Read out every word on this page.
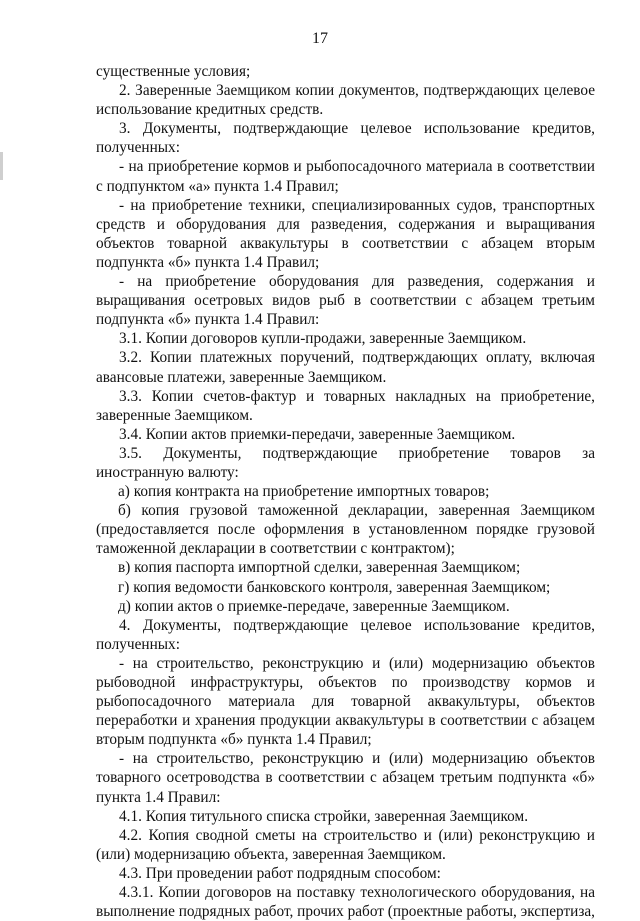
17

существенные условия;

2. Заверенные Заемщиком копии документов, подтверждающих целевое использование кредитных средств.

3. Документы, подтверждающие целевое использование кредитов, полученных:

- на приобретение кормов и рыбопосадочного материала в соответствии с подпунктом «а» пункта 1.4 Правил;

- на приобретение техники, специализированных судов, транспортных средств и оборудования для разведения, содержания и выращивания объектов товарной аквакультуры в соответствии с абзацем вторым подпункта «б» пункта 1.4 Правил;

- на приобретение оборудования для разведения, содержания и выращивания осетровых видов рыб в соответствии с абзацем третьим подпункта «б» пункта 1.4 Правил:

3.1. Копии договоров купли-продажи, заверенные Заемщиком.

3.2. Копии платежных поручений, подтверждающих оплату, включая авансовые платежи, заверенные Заемщиком.

3.3. Копии счетов-фактур и товарных накладных на приобретение, заверенные Заемщиком.

3.4. Копии актов приемки-передачи, заверенные Заемщиком.

3.5. Документы, подтверждающие приобретение товаров за иностранную валюту:

а) копия контракта на приобретение импортных товаров;

б) копия грузовой таможенной декларации, заверенная Заемщиком (предоставляется после оформления в установленном порядке грузовой таможенной декларации в соответствии с контрактом);

в) копия паспорта импортной сделки, заверенная Заемщиком;

г) копия ведомости банковского контроля, заверенная Заемщиком;

д) копии актов о приемке-передаче, заверенные Заемщиком.

4. Документы, подтверждающие целевое использование кредитов, полученных:

- на строительство, реконструкцию и (или) модернизацию объектов рыбоводной инфраструктуры, объектов по производству кормов и рыбопосадочного материала для товарной аквакультуры, объектов переработки и хранения продукции аквакультуры в соответствии с абзацем вторым подпункта «б» пункта 1.4 Правил;

- на строительство, реконструкцию и (или) модернизацию объектов товарного осетроводства в соответствии с абзацем третьим подпункта «б» пункта 1.4 Правил:

4.1. Копия титульного списка стройки, заверенная Заемщиком.

4.2. Копия сводной сметы на строительство и (или) реконструкцию и (или) модернизацию объекта, заверенная Заемщиком.

4.3. При проведении работ подрядным способом:

4.3.1. Копии договоров на поставку технологического оборудования, на выполнение подрядных работ, прочих работ (проектные работы, экспертиза,
